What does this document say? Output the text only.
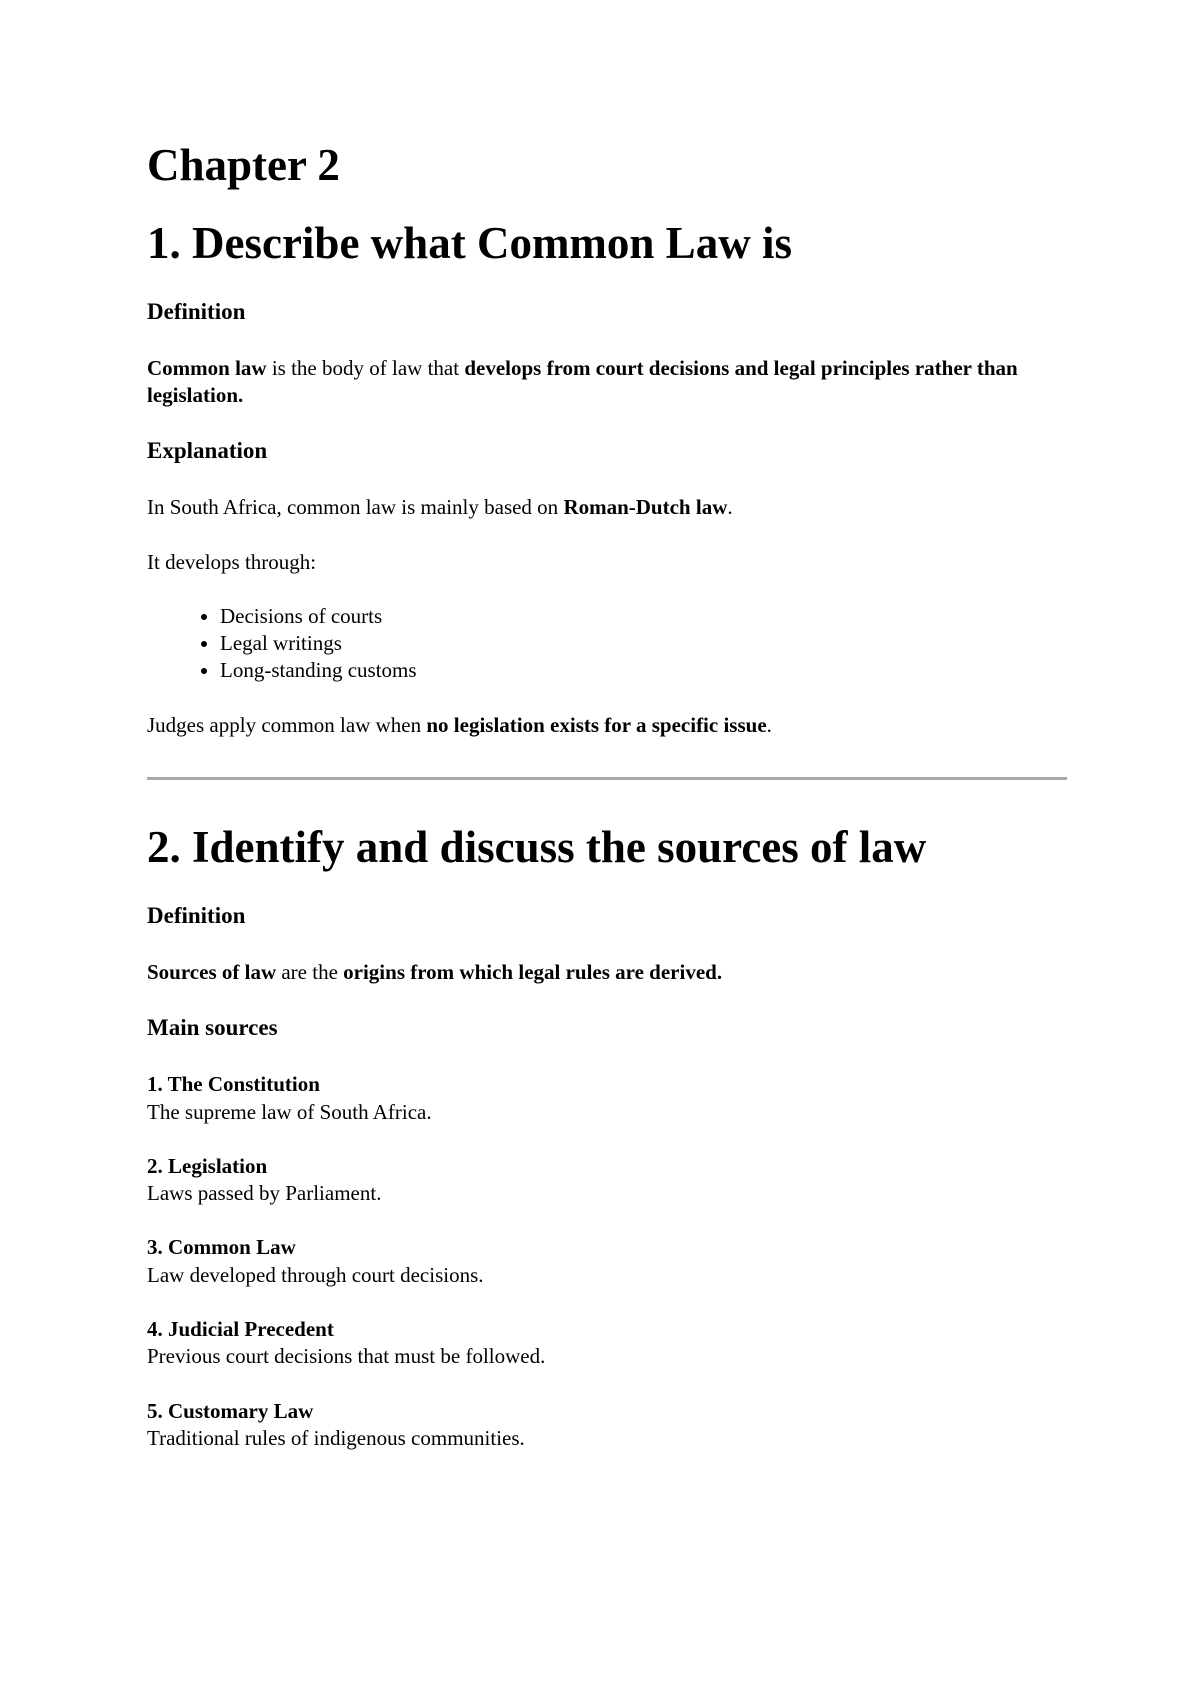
Chapter 2
1. Describe what Common Law is
Definition

Common law is the body of law that develops from court decisions and legal principles rather than legislation.

Explanation

In South Africa, common law is mainly based on Roman-Dutch law.

It develops through:

• Decisions of courts
• Legal writings
• Long-standing customs

Judges apply common law when no legislation exists for a specific issue.

2. Identify and discuss the sources of law
Definition

Sources of law are the origins from which legal rules are derived.

Main sources
1. The Constitution
The supreme law of South Africa.
2. Legislation
Laws passed by Parliament.
3. Common Law
Law developed through court decisions.
4. Judicial Precedent
Previous court decisions that must be followed.
5. Customary Law
Traditional rules of indigenous communities.
